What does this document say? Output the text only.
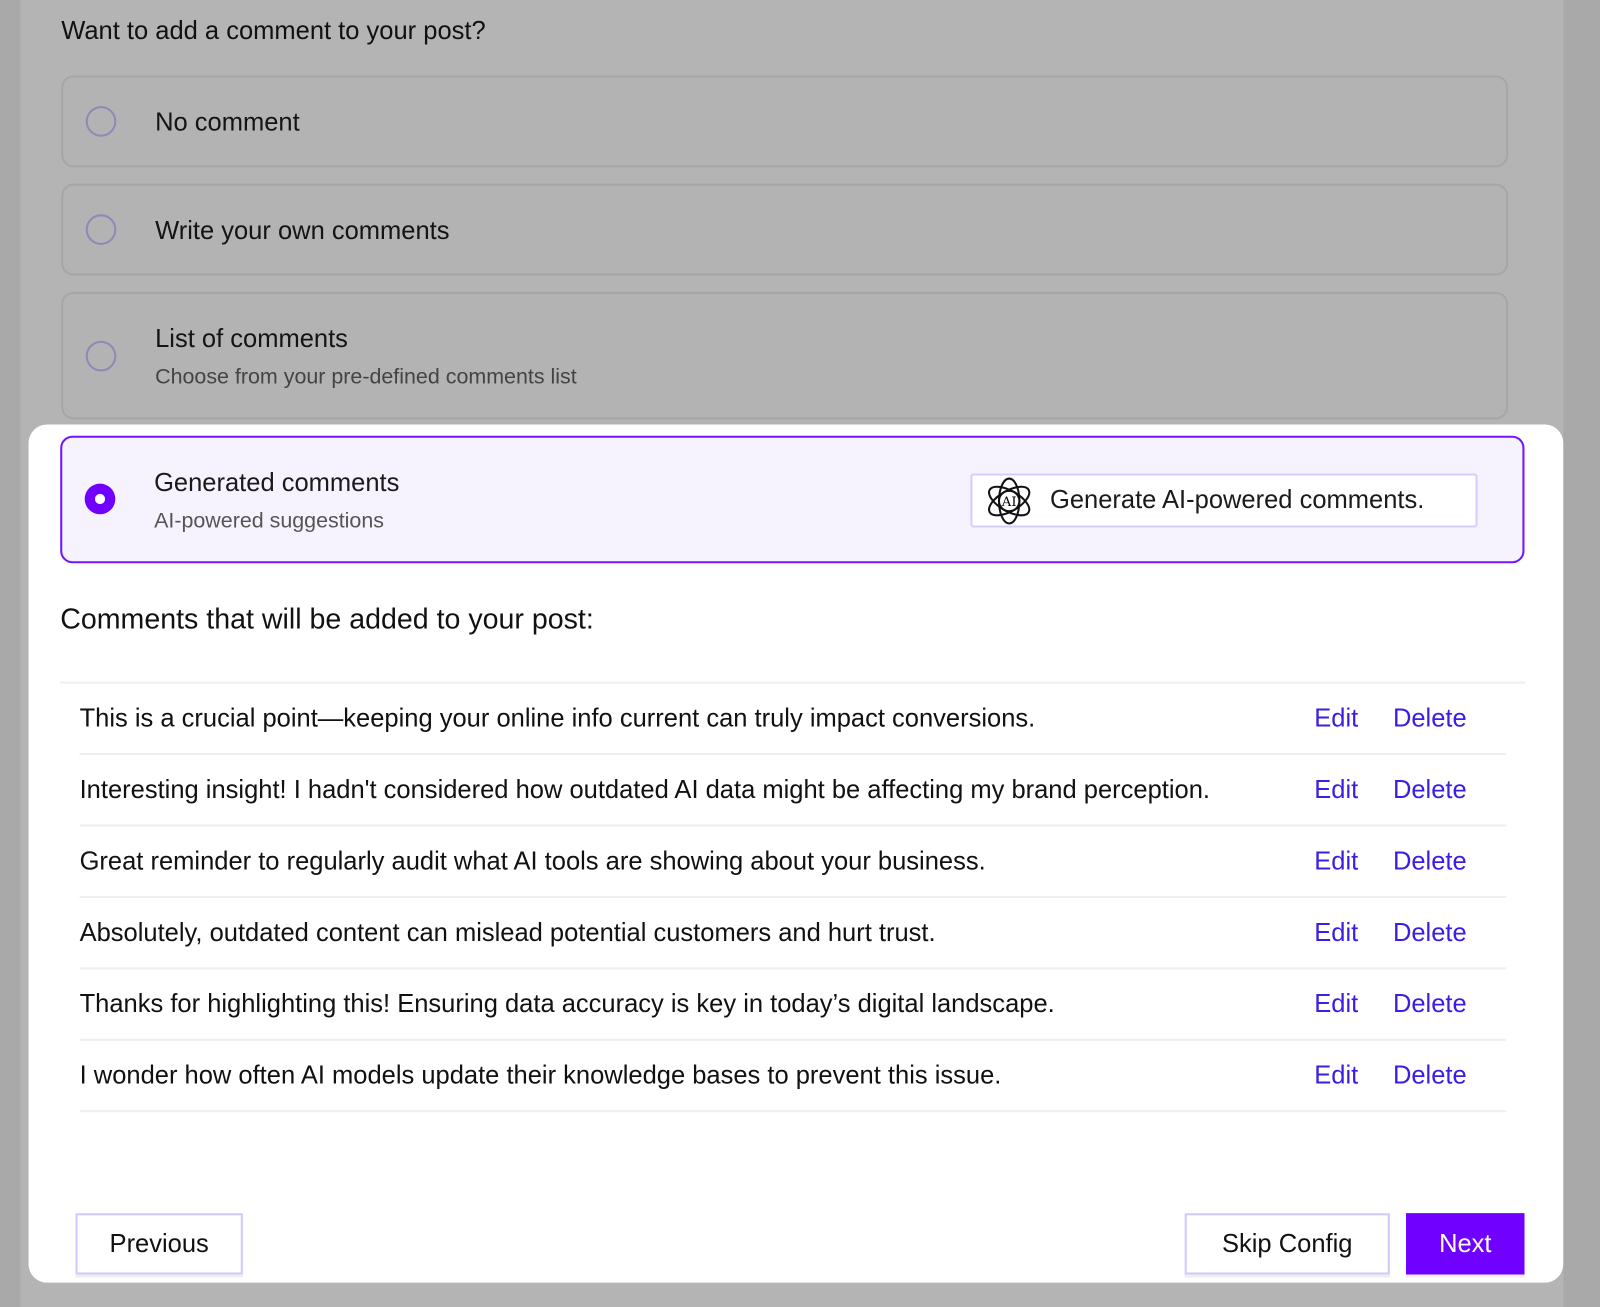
Want to add a comment to your post?
No comment
Write your own comments
List of comments
Choose from your pre-defined comments list
Generated comments
AI-powered suggestions
AI Generate AI-powered comments.
Comments that will be added to your post:
This is a crucial point—keeping your online info current can truly impact conversions.	Edit Delete
Interesting insight! I hadn't considered how outdated AI data might be affecting my brand perception.	Edit Delete
Great reminder to regularly audit what AI tools are showing about your business.	Edit Delete
Absolutely, outdated content can mislead potential customers and hurt trust.	Edit Delete
Thanks for highlighting this! Ensuring data accuracy is key in today’s digital landscape.	Edit Delete
I wonder how often AI models update their knowledge bases to prevent this issue.	Edit Delete
Previous	Skip Config	Next
